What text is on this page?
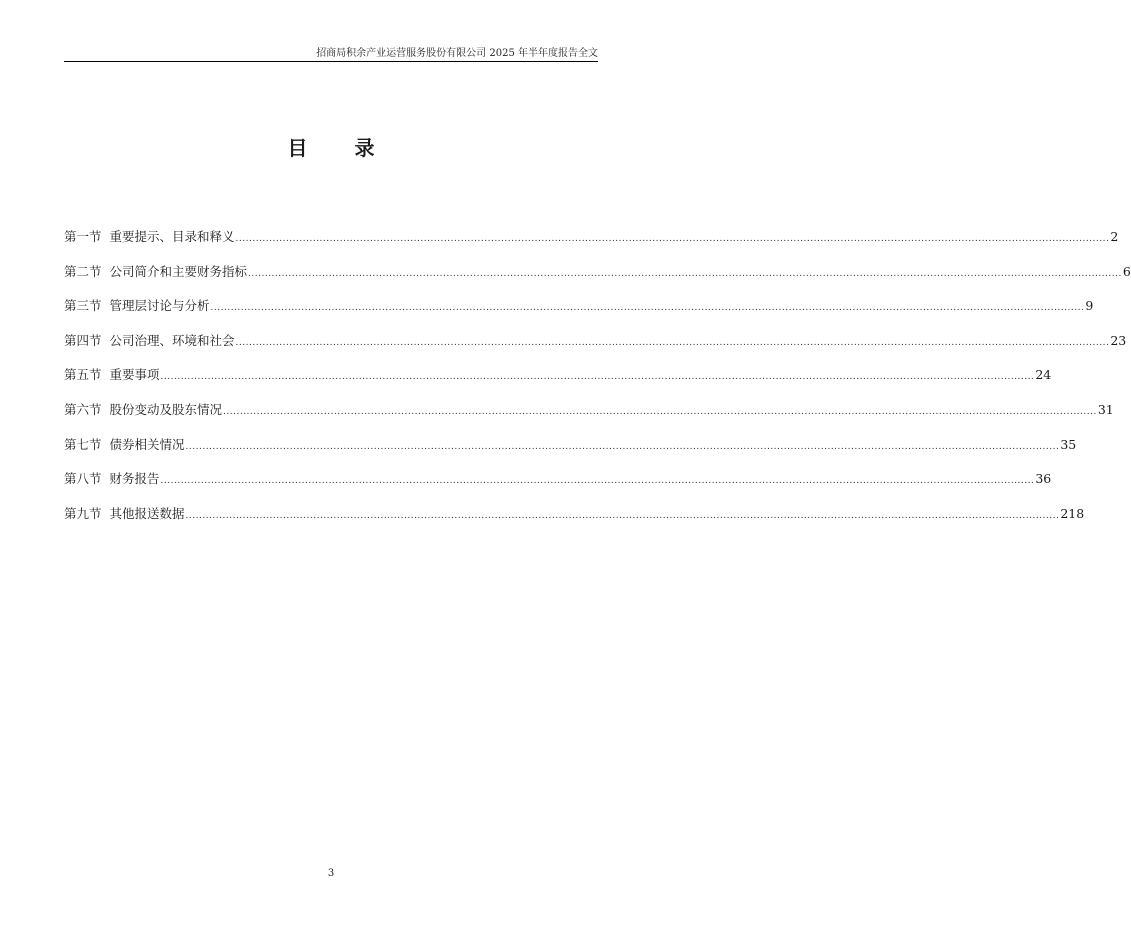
招商局积余产业运营服务股份有限公司 2025 年半年度报告全文
目 录
第一节 重要提示、目录和释义 .................................................................................................................................................................................................................................................................... 2
第二节 公司简介和主要财务指标 .................................................................................................................................................................................................................................................................... 6
第三节 管理层讨论与分析 .................................................................................................................................................................................................................................................................... 9
第四节 公司治理、环境和社会 .................................................................................................................................................................................................................................................................... 23
第五节 重要事项 .................................................................................................................................................................................................................................................................... 24
第六节 股份变动及股东情况 .................................................................................................................................................................................................................................................................... 31
第七节 债券相关情况 .................................................................................................................................................................................................................................................................... 35
第八节 财务报告 .................................................................................................................................................................................................................................................................... 36
第九节 其他报送数据 .................................................................................................................................................................................................................................................................... 218
3
